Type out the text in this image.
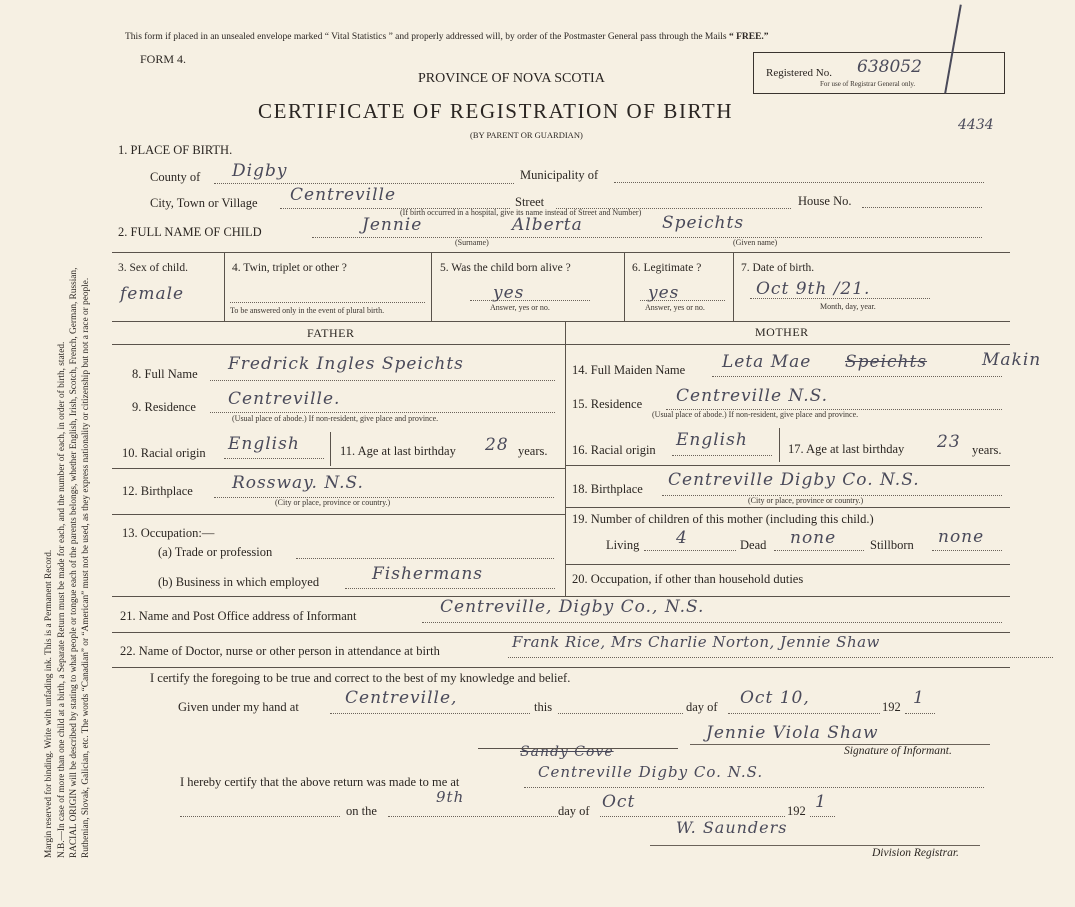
Margin reserved for binding. Write with unfading ink. This is a Permanent Record. N.B.—In case of more than one child at a birth, a Separate Return must be made for each, and the number of each, in order of birth, stated. RACIAL ORIGIN will be described by stating to what people or tongue each of the parents belongs, whether English, Irish, Scotch, French, German, Russian, Ruthenian, Slovak, Galician, etc. The words “Canadian” or “American” must not be used, as they express nationality or citizenship but not a race or people.
This form if placed in an unsealed envelope marked “ Vital Statistics ” and properly addressed will, by order of the Postmaster General pass through the Mails “ FREE.”
FORM 4.
PROVINCE OF NOVA SCOTIA
CERTIFICATE OF REGISTRATION OF BIRTH
(BY PARENT OR GUARDIAN)
Registered No. 638052
For use of Registrar General only.
4434
1. PLACE OF BIRTH.
County of Digby	Municipality of
City, Town or Village Centreville	Street	House No.
(If birth occurred in a hospital, give its name instead of Street and Number)
2. FULL NAME OF CHILD	Jennie	Alberta	Speichts
(Surname)	(Given name)
3. Sex of child.
female
4. Twin, triplet or other ?
To be answered only in the event of plural birth.
5. Was the child born alive ?
yes
Answer, yes or no.
6. Legitimate ?
yes
Answer, yes or no.
7. Date of birth.
Oct 9th /21.
Month, day, year.
FATHER	MOTHER
8. Full Name Fredrick Ingles Speichts
9. Residence Centreville.
(Usual place of abode.) If non-resident, give place and province.
10. Racial origin English	11. Age at last birthday 28 years.
12. Birthplace Rossway. N.S.
(City or place, province or country.)
13. Occupation:—
(a) Trade or profession
(b) Business in which employed	Fishermans
14. Full Maiden Name Leta Mae Speichts	Makin
15. Residence Centreville N.S.
(Usual place of abode.) If non-resident, give place and province.
16. Racial origin English	17. Age at last birthday 23 years.
18. Birthplace Centreville Digby Co. N.S.
(City or place, province or country.)
19. Number of children of this mother (including this child.)
Living 4	Dead none	Stillborn none
20. Occupation, if other than household duties
21. Name and Post Office address of Informant	Centreville, Digby Co., N.S.
22. Name of Doctor, nurse or other person in attendance at birth	Frank Rice, Mrs Charlie Norton, Jennie Shaw
I certify the foregoing to be true and correct to the best of my knowledge and belief.
Given under my hand at	Centreville,	this	day of Oct 10,	192 1
Jennie Viola Shaw
Signature of Informant.
Sandy Cove
I hereby certify that the above return was made to me at
Centreville Digby Co. N.S.
on the
9th
day of Oct	192 1
W. Saunders
Division Registrar.
